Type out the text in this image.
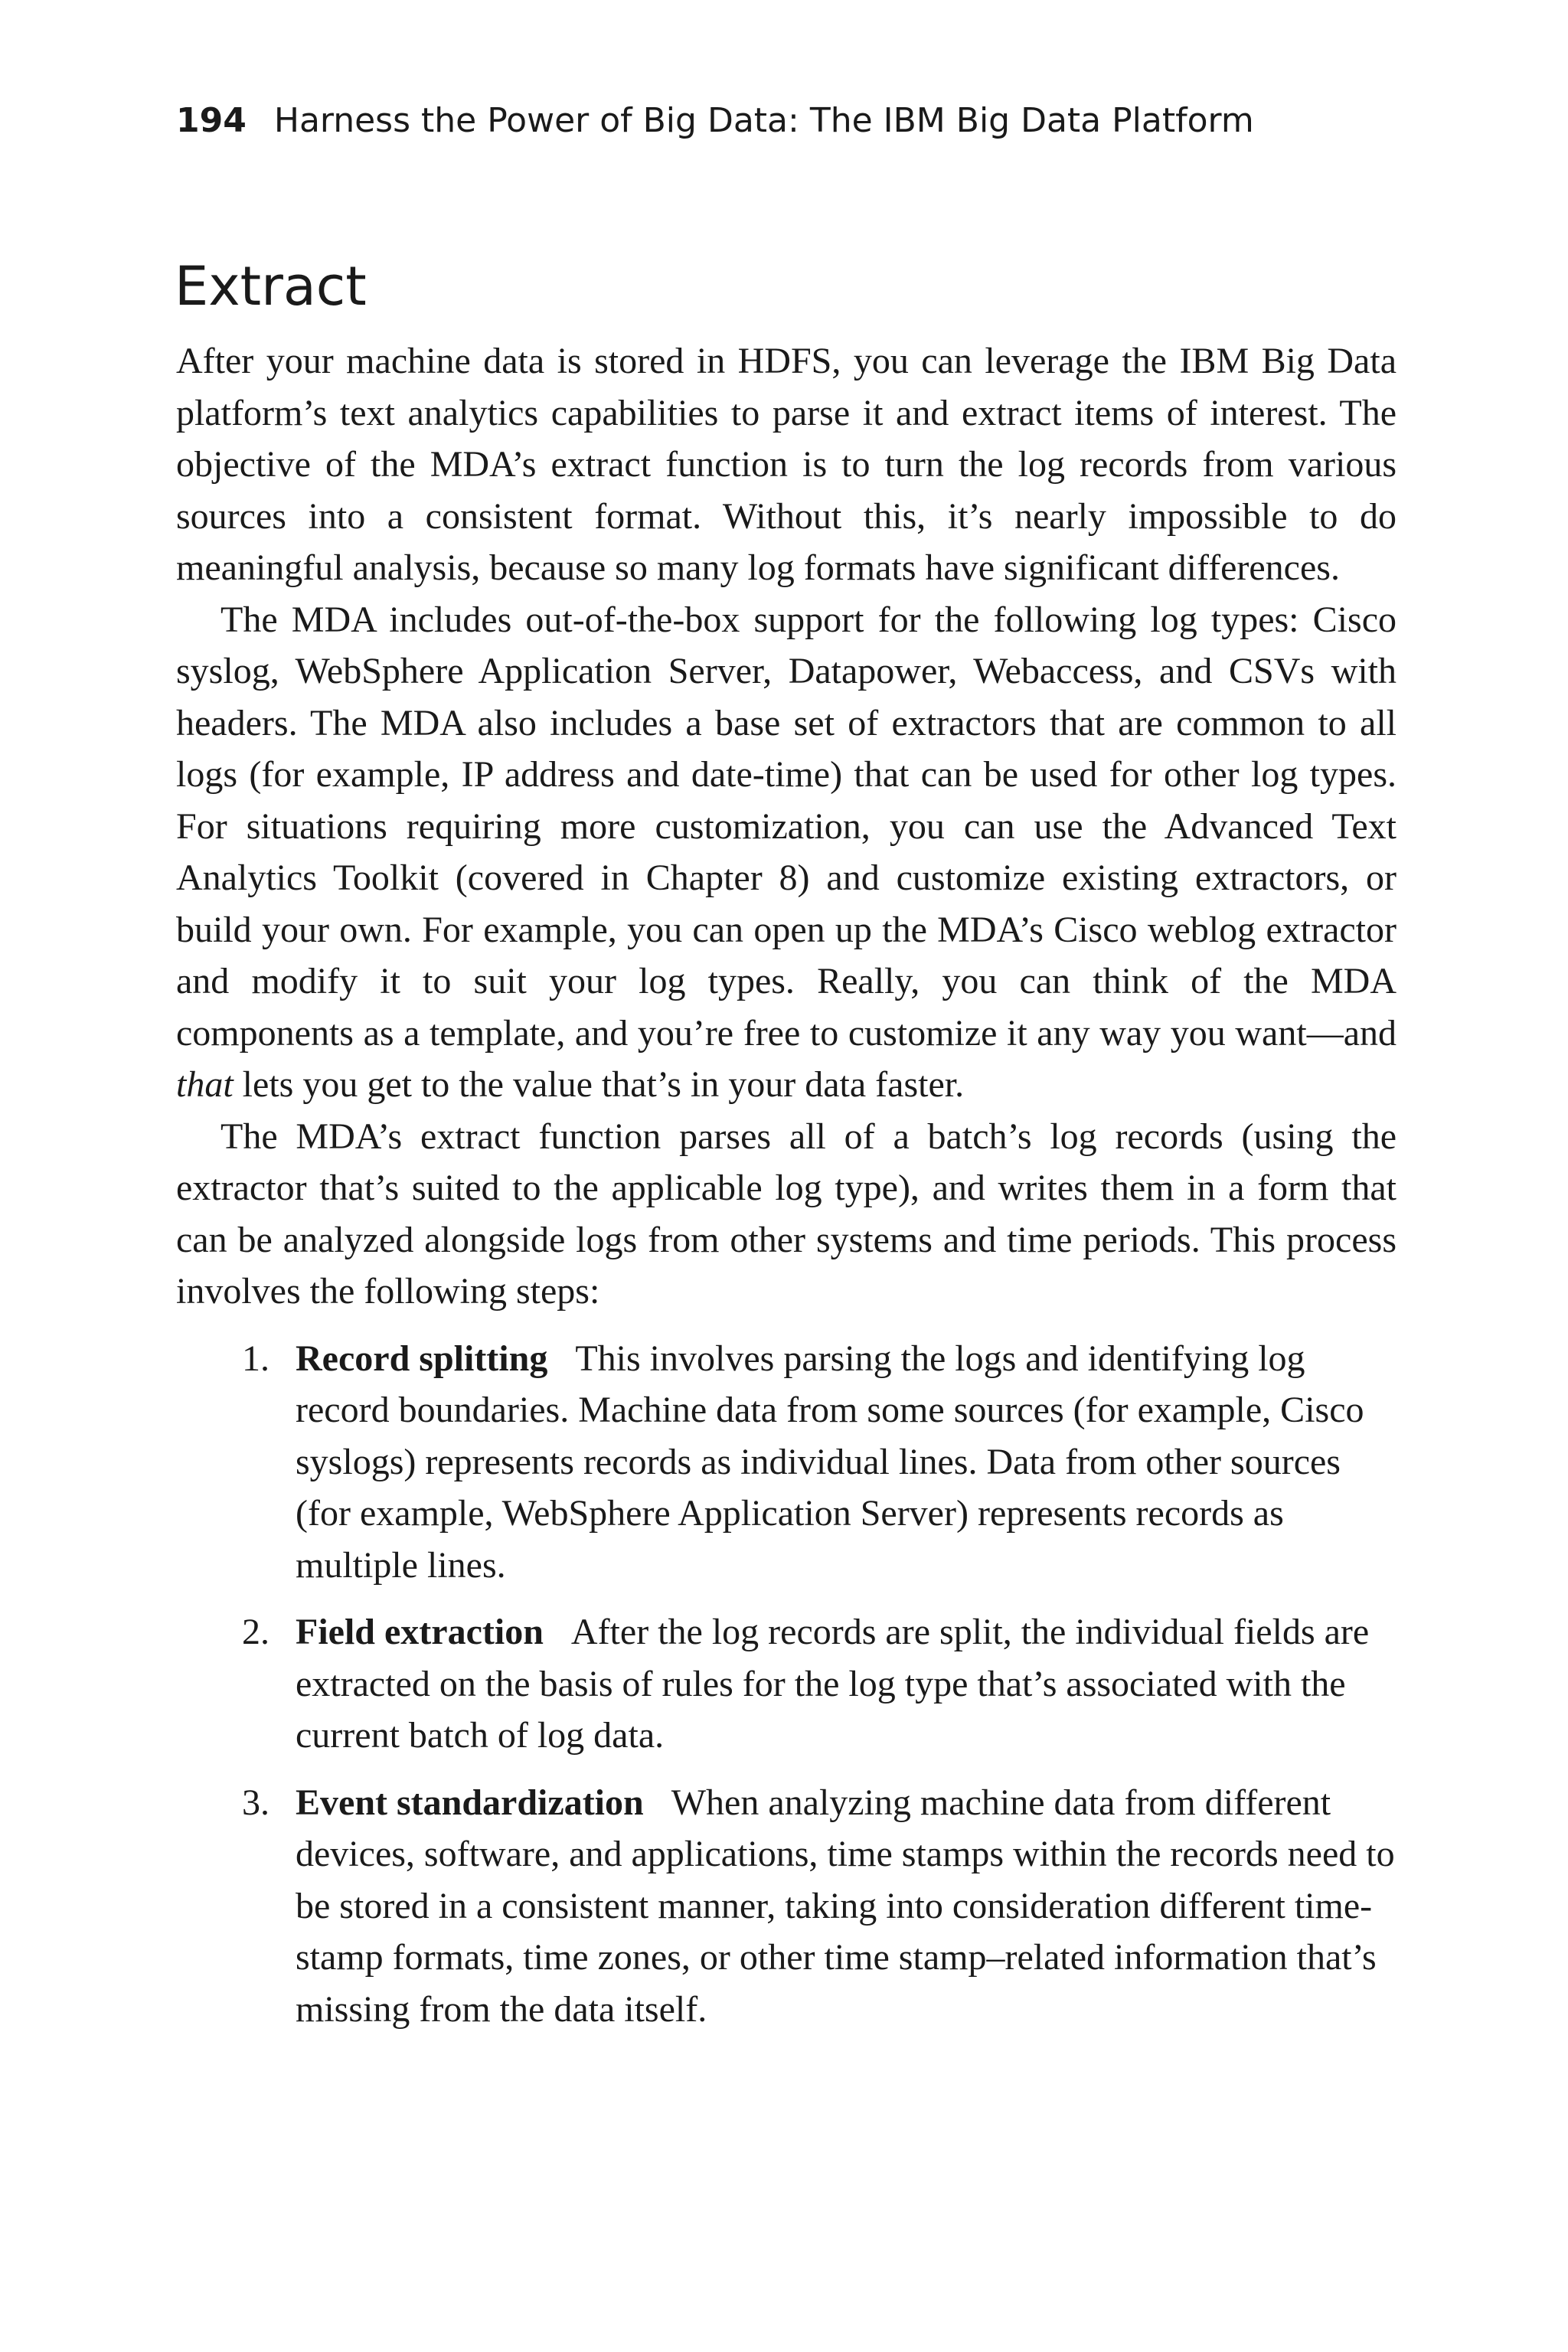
194 Harness the Power of Big Data: The IBM Big Data Platform
Extract

After your machine data is stored in HDFS, you can leverage the IBM Big Data platform’s text analytics capabilities to parse it and extract items of interest. The objective of the MDA’s extract function is to turn the log records from various sources into a consistent format. Without this, it’s nearly impossible to do meaningful analysis, because so many log formats have significant differences.

The MDA includes out-of-the-box support for the following log types: Cisco syslog, WebSphere Application Server, Datapower, Webaccess, and CSVs with headers. The MDA also includes a base set of extractors that are common to all logs (for example, IP address and date-time) that can be used for other log types. For situations requiring more customization, you can use the Advanced Text Analytics Toolkit (covered in Chapter 8) and customize existing extractors, or build your own. For example, you can open up the MDA’s Cisco weblog extractor and modify it to suit your log types. Really, you can think of the MDA components as a template, and you’re free to customize it any way you want—and that lets you get to the value that’s in your data faster.

The MDA’s extract function parses all of a batch’s log records (using the extractor that’s suited to the applicable log type), and writes them in a form that can be analyzed alongside logs from other systems and time periods. This process involves the following steps:

1. Record splitting This involves parsing the logs and identifying log record boundaries. Machine data from some sources (for example, Cisco syslogs) represents records as individual lines. Data from other sources (for example, WebSphere Application Server) represents records as multiple lines.
2. Field extraction After the log records are split, the individual fields are extracted on the basis of rules for the log type that’s associated with the current batch of log data.
3. Event standardization When analyzing machine data from different devices, software, and applications, time stamps within the records need to be stored in a consistent manner, taking into consideration different time-stamp formats, time zones, or other time stamp–related information that’s missing from the data itself.
